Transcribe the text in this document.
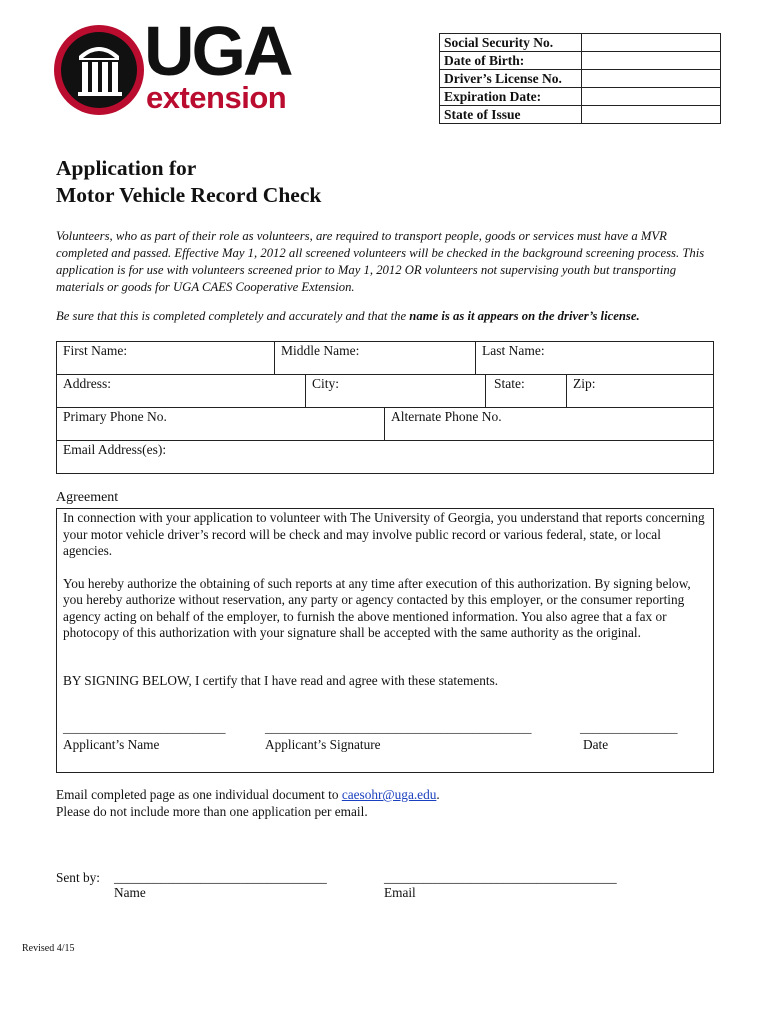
UGA
extension
Social Security No.	
Date of Birth:	
Driver’s License No.	
Expiration Date:	
State of Issue	
Application for
Motor Vehicle Record Check
Volunteers, who as part of their role as volunteers, are required to transport people, goods or services must have a MVR completed and passed. Effective May 1, 2012 all screened volunteers will be checked in the background screening process. This application is for use with volunteers screened prior to May 1, 2012 OR volunteers not supervising youth but transporting materials or goods for UGA CAES Cooperative Extension.
Be sure that this is completed completely and accurately and that the name is as it appears on the driver’s license.
First Name:	Middle Name:	Last Name:
Address:	City:	State:	Zip:
Primary Phone No.	Alternate Phone No.
Email Address(es):
Agreement

In connection with your application to volunteer with The University of Georgia, you understand that reports concerning your motor vehicle driver’s record will be check and may involve public record or various federal, state, or local agencies.

You hereby authorize the obtaining of such reports at any time after execution of this authorization. By signing below, you hereby authorize without reservation, any party or agency contacted by this employer, or the consumer reporting agency acting on behalf of the employer, to furnish the above mentioned information. You also agree that a fax or photocopy of this authorization with your signature shall be accepted with the same authority as the original.

BY SIGNING BELOW, I certify that I have read and agree with these statements.

_________________________	_________________________________________	_______________
Applicant’s Name	Applicant’s Signature	Date
Email completed page as one individual document to caesohr@uga.edu.
Please do not include more than one application per email.
Sent by: ________________________________	___________________________________
Name	Email
Revised 4/15
